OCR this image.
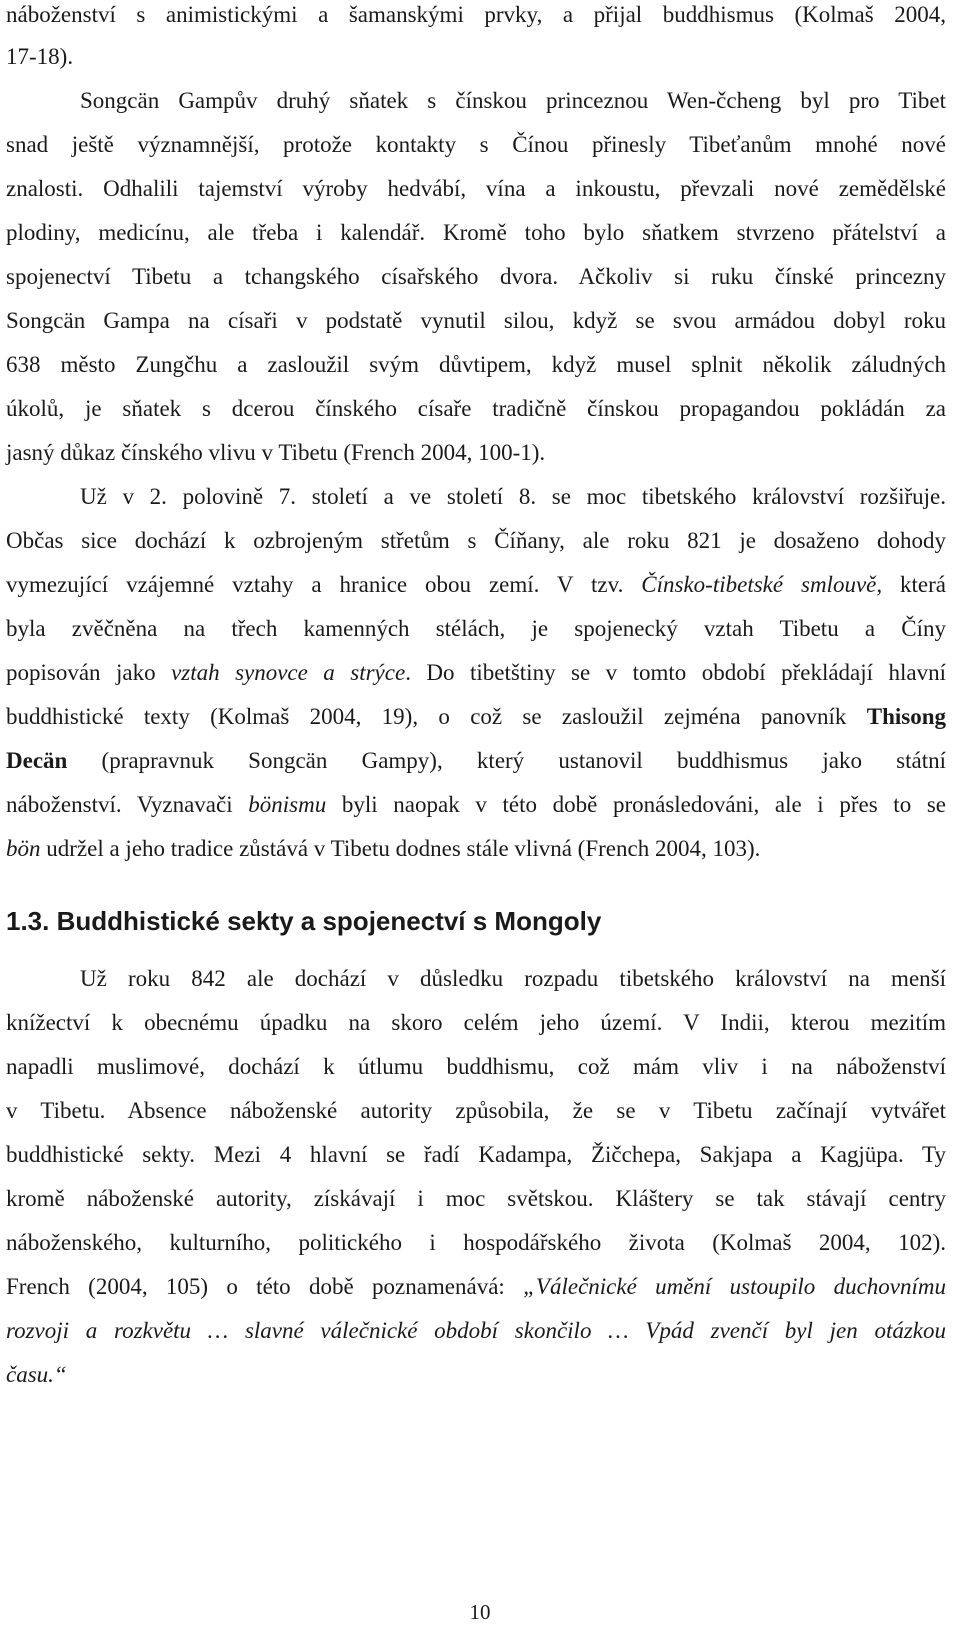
náboženství s animistickými a šamanskými prvky, a přijal buddhismus (Kolmaš 2004,
17-18).
Songcän Gampův druhý sňatek s čínskou princeznou Wen-čcheng byl pro Tibet
snad ještě významnější, protože kontakty s Čínou přinesly Tibeťanům mnohé nové
znalosti. Odhalili tajemství výroby hedvábí, vína a inkoustu, převzali nové zemědělské
plodiny, medicínu, ale třeba i kalendář. Kromě toho bylo sňatkem stvrzeno přátelství a
spojenectví Tibetu a tchangského císařského dvora. Ačkoliv si ruku čínské princezny
Songcän Gampa na císaři v podstatě vynutil silou, když se svou armádou dobyl roku
638 město Zungčhu a zasloužil svým důvtipem, když musel splnit několik záludných
úkolů, je sňatek s dcerou čínského císaře tradičně čínskou propagandou pokládán za
jasný důkaz čínského vlivu v Tibetu (French 2004, 100-1).
Už v 2. polovině 7. století a ve století 8. se moc tibetského království rozšiřuje.
Občas sice dochází k ozbrojeným střetům s Číňany, ale roku 821 je dosaženo dohody
vymezující vzájemné vztahy a hranice obou zemí. V tzv. Čínsko-tibetské smlouvě, která
byla zvěčněna na třech kamenných stélách, je spojenecký vztah Tibetu a Číny
popisován jako vztah synovce a strýce. Do tibetštiny se v tomto období překládají hlavní
buddhistické texty (Kolmaš 2004, 19), o což se zasloužil zejména panovník Thisong
Decän (prapravnuk Songcän Gampy), který ustanovil buddhismus jako státní
náboženství. Vyznavači bönismu byli naopak v této době pronásledováni, ale i přes to se
bön udržel a jeho tradice zůstává v Tibetu dodnes stále vlivná (French 2004, 103).
1.3. Buddhistické sekty a spojenectví s Mongoly
Už roku 842 ale dochází v důsledku rozpadu tibetského království na menší
knížectví k obecnému úpadku na skoro celém jeho území. V Indii, kterou mezitím
napadli muslimové, dochází k útlumu buddhismu, což mám vliv i na náboženství
v Tibetu. Absence náboženské autority způsobila, že se v Tibetu začínají vytvářet
buddhistické sekty. Mezi 4 hlavní se řadí Kadampa, Žičchepa, Sakjapa a Kagjüpa. Ty
kromě náboženské autority, získávají i moc světskou. Kláštery se tak stávají centry
náboženského, kulturního, politického i hospodářského života (Kolmaš 2004, 102).
French (2004, 105) o této době poznamenává: „Válečnické umění ustoupilo duchovnímu
rozvoji a rozkvětu … slavné válečnické období skončilo … Vpád zvenčí byl jen otázkou
času.“
10
